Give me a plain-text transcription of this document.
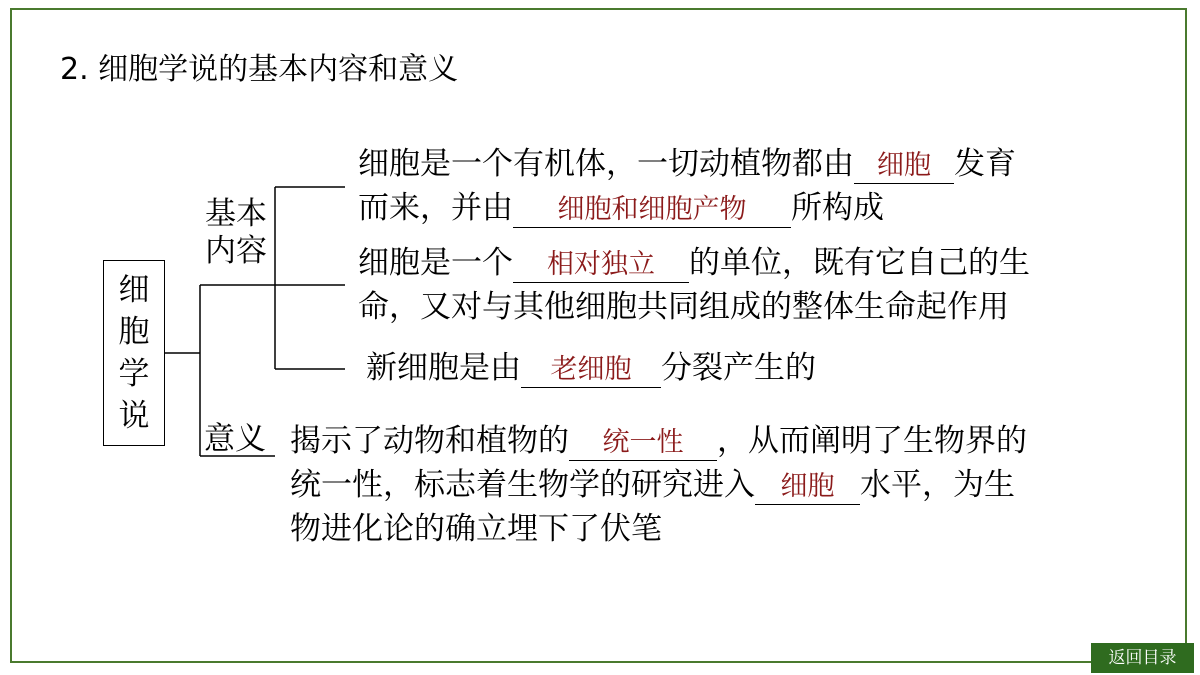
2. 细胞学说的基本内容和意义
细胞学说
基本内容
意义
细胞是一个有机体，一切动植物都由 细胞 发育
而来，并由 细胞和细胞产物 所构成
细胞是一个 相对独立 的单位，既有它自己的生
命，又对与其他细胞共同组成的整体生命起作用
新细胞是由 老细胞 分裂产生的
揭示了动物和植物的 统一性 ，从而阐明了生物界的
统一性，标志着生物学的研究进入 细胞 水平，为生
物进化论的确立埋下了伏笔
返回目录
